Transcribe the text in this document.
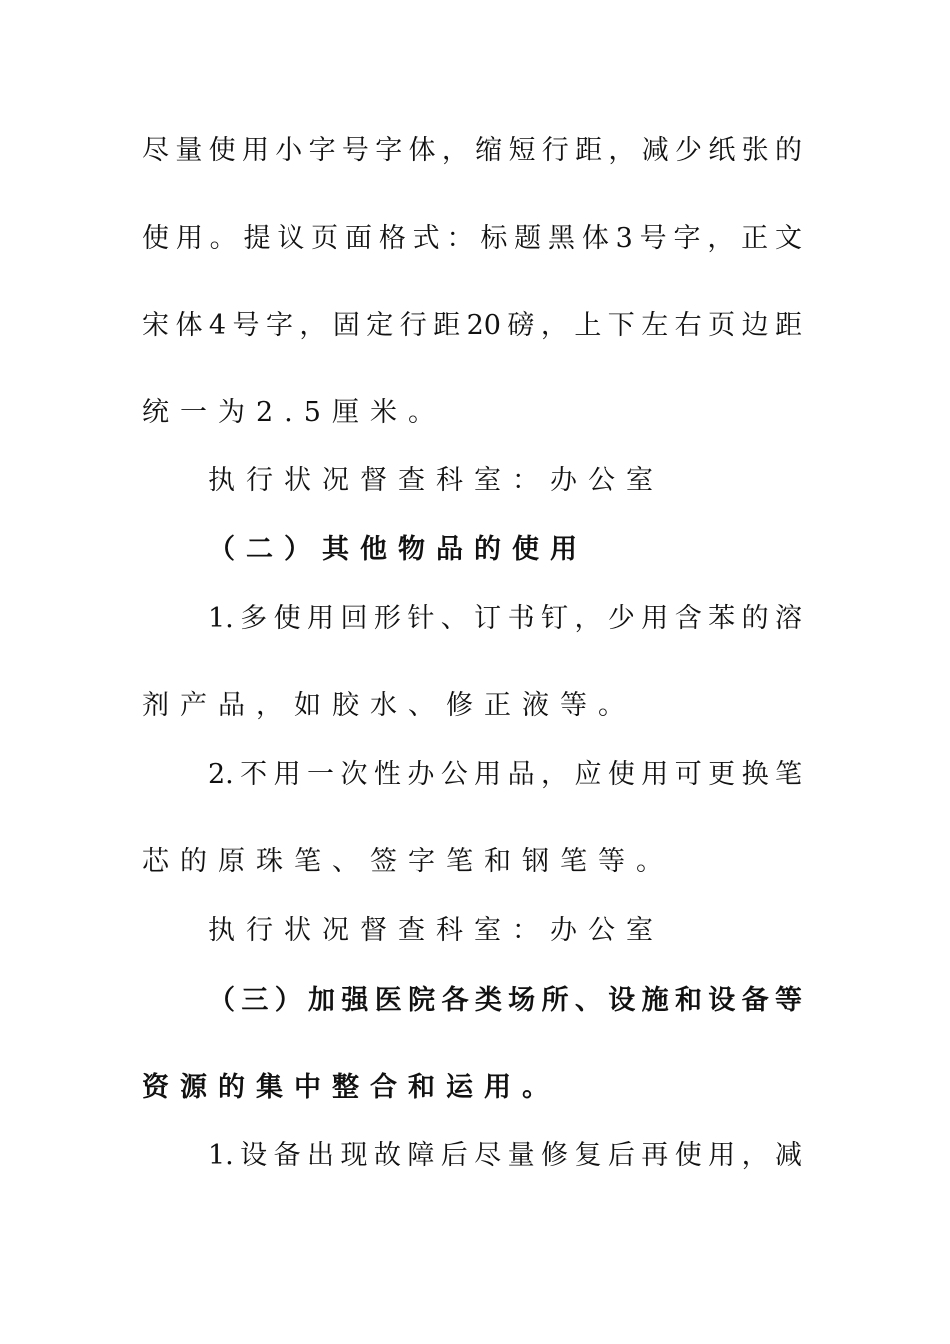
尽量使用小字号字体，缩短行距，减少纸张的
使用。提议页面格式：标题黑体3号字，正文
宋体4号字，固定行距20磅，上下左右页边距
统一为2.5厘米。
执行状况督查科室：办公室
（二）其他物品的使用
1.多使用回形针、订书钉，少用含苯的溶
剂产品，如胶水、修正液等。
2.不用一次性办公用品，应使用可更换笔
芯的原珠笔、签字笔和钢笔等。
执行状况督查科室：办公室
（三）加强医院各类场所、设施和设备等
资源的集中整合和运用。
1.设备出现故障后尽量修复后再使用，减
